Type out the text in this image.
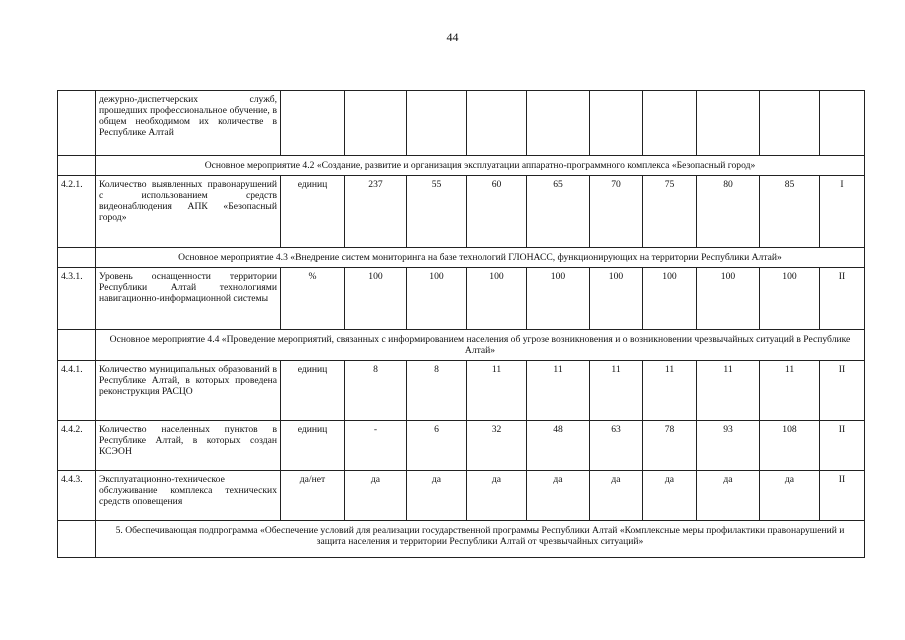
44
	дежурно-диспетчерских служб, прошедших профессиональное обучение, в общем необходимом их количестве в Республике Алтай										
	Основное мероприятие 4.2 «Создание, развитие и организация эксплуатации аппаратно-программного комплекса «Безопасный город»										
4.2.1.	Количество выявленных правонарушений с использованием средств видеонаблюдения АПК «Безопасный город»	единиц	237	55	60	65	70	75	80	85	I
	Основное мероприятие 4.3 «Внедрение систем мониторинга на базе технологий ГЛОНАСС, функционирующих на территории Республики Алтай»										
4.3.1.	Уровень оснащенности территории Республики Алтай технологиями навигационно-информационной системы	%	100	100	100	100	100	100	100	100	II
	Основное мероприятие 4.4 «Проведение мероприятий, связанных с информированием населения об угрозе возникновения и о возникновении чрезвычайных ситуаций в Республике Алтай»										
4.4.1.	Количество муниципальных образований в Республике Алтай, в которых проведена реконструкция РАСЦО	единиц	8	8	11	11	11	11	11	11	II
4.4.2.	Количество населенных пунктов в Республике Алтай, в которых создан КСЭОН	единиц	-	6	32	48	63	78	93	108	II
4.4.3.	Эксплуатационно-техническое обслуживание комплекса технических средств оповещения	да/нет	да	да	да	да	да	да	да	да	II
	5. Обеспечивающая подпрограмма «Обеспечение условий для реализации государственной программы Республики Алтай «Комплексные меры профилактики правонарушений и защита населения и территории Республики Алтай от чрезвычайных ситуаций»										
